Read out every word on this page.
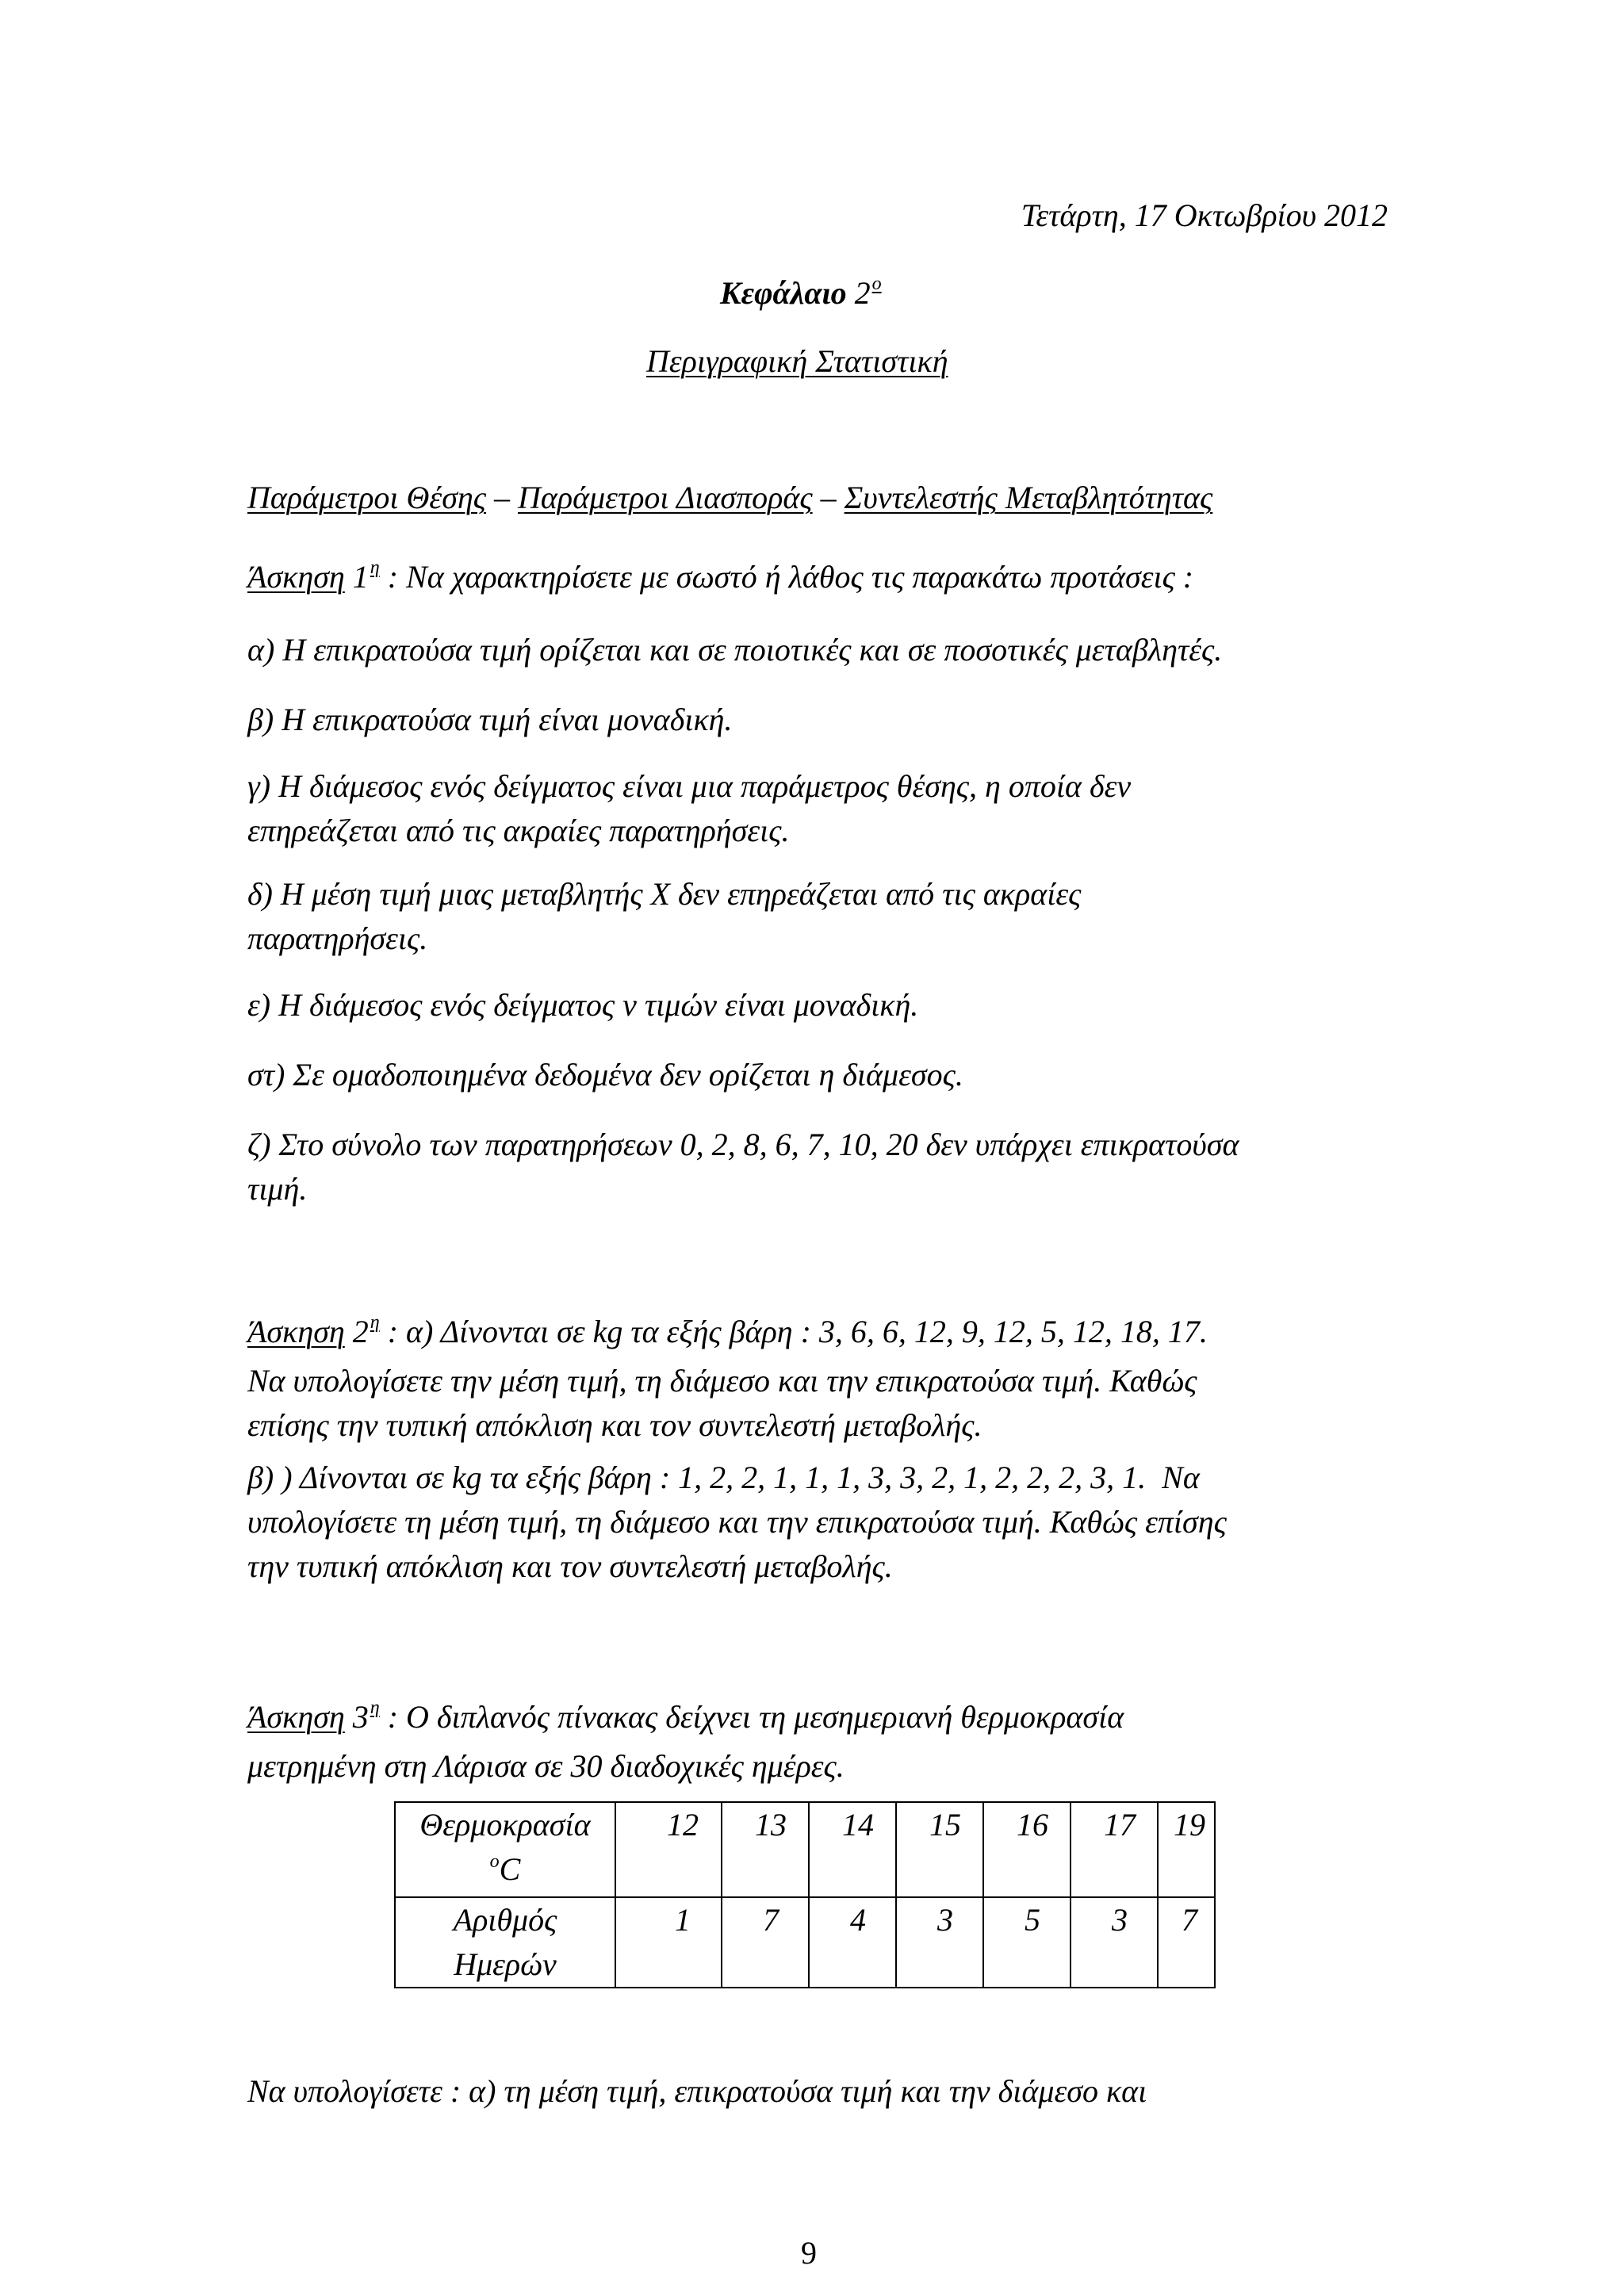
Τετάρτη, 17 Οκτωβρίου 2012
Κεφάλαιο $2^o$
Περιγραφική Στατιστική
Παράμετροι Θέσης – Παράμετροι Διασποράς – Συντελεστής Μεταβλητότητας
Άσκηση $1^\eta$ : Να χαρακτηρίσετε με σωστό ή λάθος τις παρακάτω προτάσεις :
α) Η επικρατούσα τιμή ορίζεται και σε ποιοτικές και σε ποσοτικές μεταβλητές.
β) Η επικρατούσα τιμή είναι μοναδική.
γ) Η διάμεσος ενός δείγματος είναι μια παράμετρος θέσης, η οποία δεν
επηρεάζεται από τις ακραίες παρατηρήσεις.
δ) Η μέση τιμή μιας μεταβλητής Χ δεν επηρεάζεται από τις ακραίες
παρατηρήσεις.
ε) Η διάμεσος ενός δείγματος ν τιμών είναι μοναδική.
στ) Σε ομαδοποιημένα δεδομένα δεν ορίζεται η διάμεσος.
ζ) Στο σύνολο των παρατηρήσεων 0, 2, 8, 6, 7, 10, 20 δεν υπάρχει επικρατούσα
τιμή.
Άσκηση $2^\eta$ : α) Δίνονται σε kg τα εξής βάρη : 3, 6, 6, 12, 9, 12, 5, 12, 18, 17.
Να υπολογίσετε την μέση τιμή, τη διάμεσο και την επικρατούσα τιμή. Καθώς
επίσης την τυπική απόκλιση και τον συντελεστή μεταβολής.
β) ) Δίνονται σε kg τα εξής βάρη : 1, 2, 2, 1, 1, 1, 3, 3, 2, 1, 2, 2, 2, 3, 1.  Να
υπολογίσετε τη μέση τιμή, τη διάμεσο και την επικρατούσα τιμή. Καθώς επίσης
την τυπική απόκλιση και τον συντελεστή μεταβολής.
Άσκηση $3^\eta$ : Ο διπλανός πίνακας δείχνει τη μεσημεριανή θερμοκρασία
μετρημένη στη Λάρισα σε 30 διαδοχικές ημέρες.
Θερμοκρασία
$^o$C	12	13	14	15	16	17	19

Αριθμός
Ημερών	1	7	4	3	5	3	7
Να υπολογίσετε : α) τη μέση τιμή, επικρατούσα τιμή και την διάμεσο και
9
